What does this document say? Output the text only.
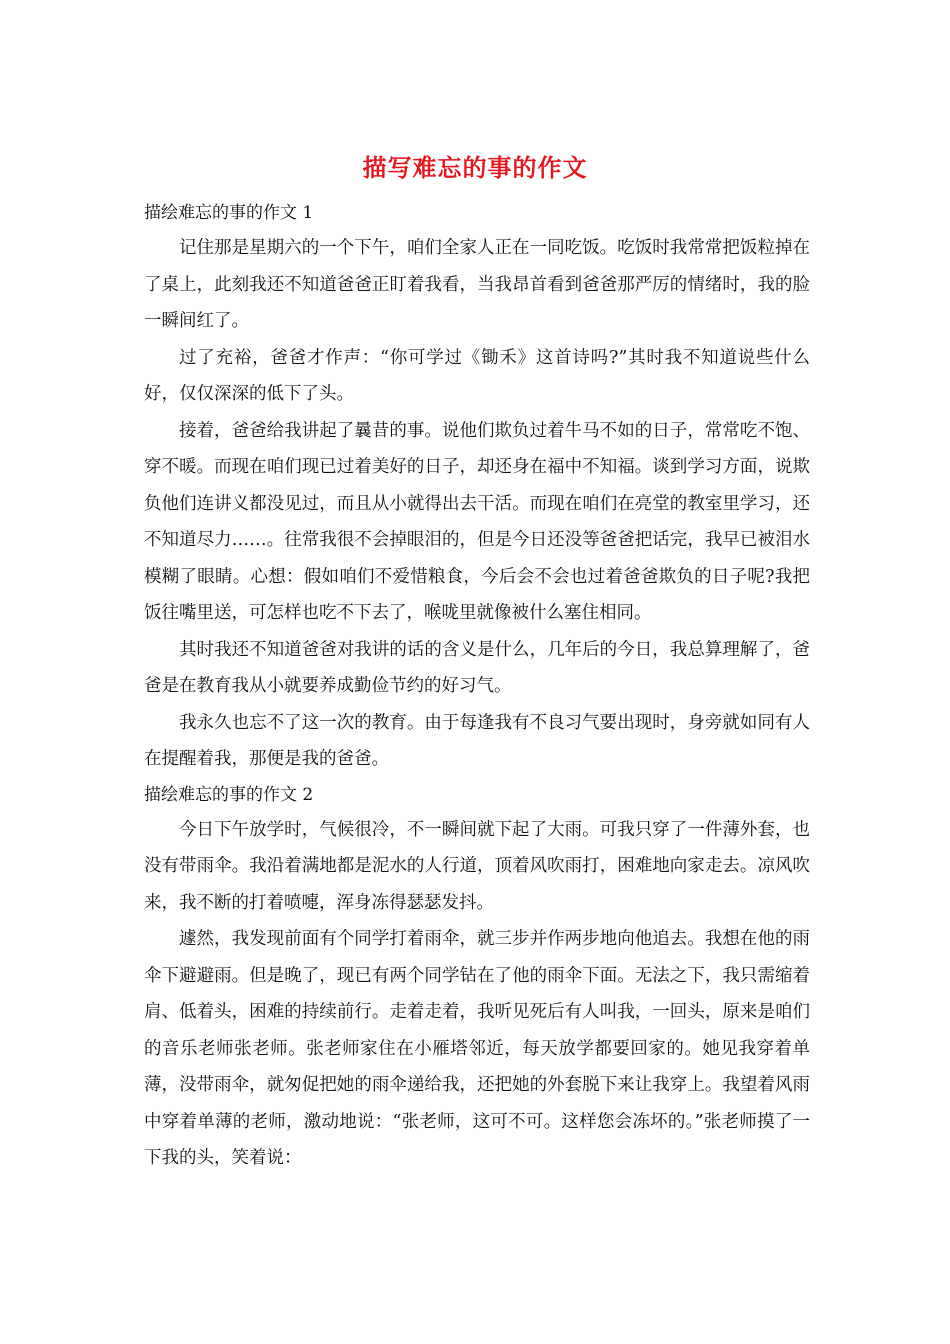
描写难忘的事的作文

描绘难忘的事的作文 1

记住那是星期六的一个下午，咱们全家人正在一同吃饭。吃饭时我常常把饭粒掉在了桌上，此刻我还不知道爸爸正盯着我看，当我昂首看到爸爸那严厉的情绪时，我的脸一瞬间红了。

过了充裕，爸爸才作声：“你可学过《锄禾》这首诗吗?”其时我不知道说些什么好，仅仅深深的低下了头。

接着，爸爸给我讲起了曩昔的事。说他们欺负过着牛马不如的日子，常常吃不饱、穿不暖。而现在咱们现已过着美好的日子，却还身在福中不知福。谈到学习方面，说欺负他们连讲义都没见过，而且从小就得出去干活。而现在咱们在亮堂的教室里学习，还不知道尽力……。往常我很不会掉眼泪的，但是今日还没等爸爸把话完，我早已被泪水模糊了眼睛。心想：假如咱们不爱惜粮食，今后会不会也过着爸爸欺负的日子呢?我把饭往嘴里送，可怎样也吃不下去了，喉咙里就像被什么塞住相同。

其时我还不知道爸爸对我讲的话的含义是什么，几年后的今日，我总算理解了，爸爸是在教育我从小就要养成勤俭节约的好习气。

我永久也忘不了这一次的教育。由于每逢我有不良习气要出现时，身旁就如同有人在提醒着我，那便是我的爸爸。

描绘难忘的事的作文 2

今日下午放学时，气候很冷，不一瞬间就下起了大雨。可我只穿了一件薄外套，也没有带雨伞。我沿着满地都是泥水的人行道，顶着风吹雨打，困难地向家走去。凉风吹来，我不断的打着喷嚏，浑身冻得瑟瑟发抖。

遽然，我发现前面有个同学打着雨伞，就三步并作两步地向他追去。我想在他的雨伞下避避雨。但是晚了，现已有两个同学钻在了他的雨伞下面。无法之下，我只需缩着肩、低着头，困难的持续前行。走着走着，我听见死后有人叫我，一回头，原来是咱们的音乐老师张老师。张老师家住在小雁塔邻近，每天放学都要回家的。她见我穿着单薄，没带雨伞，就匆促把她的雨伞递给我，还把她的外套脱下来让我穿上。我望着风雨中穿着单薄的老师，激动地说：“张老师，这可不可。这样您会冻坏的。”张老师摸了一下我的头，笑着说：
